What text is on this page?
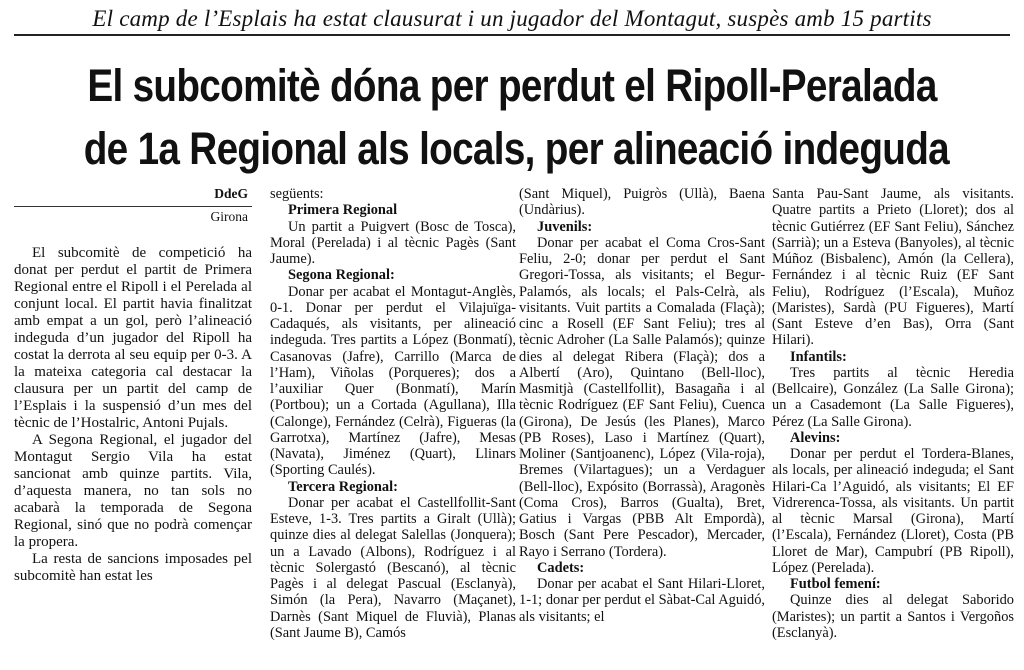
El camp de l’Esplais ha estat clausurat i un jugador del Montagut, suspès amb 15 partits
El subcomitè dóna per perdut el Ripoll-Peralada
de 1a Regional als locals, per alineació indeguda
DdeG
Girona

El subcomitè de competició ha donat per perdut el partit de Primera Regional entre el Ripoll i el Perelada al conjunt local. El partit havia finalitzat amb empat a un gol, però l’alineació indeguda d’un jugador del Ripoll ha costat la derrota al seu equip per 0-3. A la mateixa categoria cal destacar la clausura per un partit del camp de l’Esplais i la suspensió d’un mes del tècnic de l’Hostalric, Antoni Pujals.

A Segona Regional, el jugador del Montagut Sergio Vila ha estat sancionat amb quinze partits. Vila, d’aquesta manera, no tan sols no acabarà la temporada de Segona Regional, sinó que no podrà començar la propera.

La resta de sancions imposades pel subcomitè han estat les

següents:

Primera Regional

Un partit a Puigvert (Bosc de Tosca), Moral (Perelada) i al tècnic Pagès (Sant Jaume).

Segona Regional:

Donar per acabat el Montagut-Anglès, 0-1. Donar per perdut el Vilajuïga-Cadaqués, als visitants, per alineació indeguda. Tres partits a López (Bonmatí), Casanovas (Jafre), Carrillo (Marca de l’Ham), Viñolas (Porqueres); dos a l’auxiliar Quer (Bonmatí), Marín (Portbou); un a Cortada (Agullana), Illa (Calonge), Fernández (Celrà), Figueras (la Garrotxa), Martínez (Jafre), Mesas (Navata), Jiménez (Quart), Llinars (Sporting Caulés).

Tercera Regional:

Donar per acabat el Castellfollit-Sant Esteve, 1-3. Tres partits a Giralt (Ullà); quinze dies al delegat Salellas (Jonquera); un a Lavado (Albons), Rodríguez i al tècnic Solergastó (Bescanó), al tècnic Pagès i al delegat Pascual (Esclanyà), Simón (la Pera), Navarro (Maçanet), Darnès (Sant Miquel de Fluvià), Planas (Sant Jaume B), Camós

(Sant Miquel), Puigròs (Ullà), Baena (Undàrius).

Juvenils:

Donar per acabat el Coma Cros-Sant Feliu, 2-0; donar per perdut el Sant Gregori-Tossa, als visitants; el Begur-Palamós, als locals; el Pals-Celrà, als visitants. Vuit partits a Comalada (Flaçà); cinc a Rosell (EF Sant Feliu); tres al tècnic Adroher (La Salle Palamós); quinze dies al delegat Ribera (Flaçà); dos a Albertí (Aro), Quintano (Bell-lloc), Masmitjà (Castellfollit), Basagaña i al tècnic Rodríguez (EF Sant Feliu), Cuenca (Girona), De Jesús (les Planes), Marco (PB Roses), Laso i Martínez (Quart), Moliner (Santjoanenc), López (Vila-roja), Bremes (Vilartagues); un a Verdaguer (Bell-lloc), Expósito (Borrassà), Aragonès (Coma Cros), Barros (Gualta), Bret, Gatius i Vargas (PBB Alt Empordà), Bosch (Sant Pere Pescador), Mercader, Rayo i Serrano (Tordera).

Cadets:

Donar per acabat el Sant Hilari-Lloret, 1-1; donar per perdut el Sàbat-Cal Aguidó, als visitants; el

Santa Pau-Sant Jaume, als visitants. Quatre partits a Prieto (Lloret); dos al tècnic Gutiérrez (EF Sant Feliu), Sánchez (Sarrià); un a Esteva (Banyoles), al tècnic Múñoz (Bisbalenc), Amón (la Cellera), Fernández i al tècnic Ruiz (EF Sant Feliu), Rodríguez (l’Escala), Muñoz (Maristes), Sardà (PU Figueres), Martí (Sant Esteve d’en Bas), Orra (Sant Hilari).

Infantils:

Tres partits al tècnic Heredia (Bellcaire), González (La Salle Girona); un a Casademont (La Salle Figueres), Pérez (La Salle Girona).

Alevins:

Donar per perdut el Tordera-Blanes, als locals, per alineació indeguda; el Sant Hilari-Ca l’Aguidó, als visitants; El EF Vidrerenca-Tossa, als visitants. Un partit al tècnic Marsal (Girona), Martí (l’Escala), Fernández (Lloret), Costa (PB Lloret de Mar), Campubrí (PB Ripoll), López (Perelada).

Futbol femení:

Quinze dies al delegat Saborido (Maristes); un partit a Santos i Vergoños (Esclanyà).
